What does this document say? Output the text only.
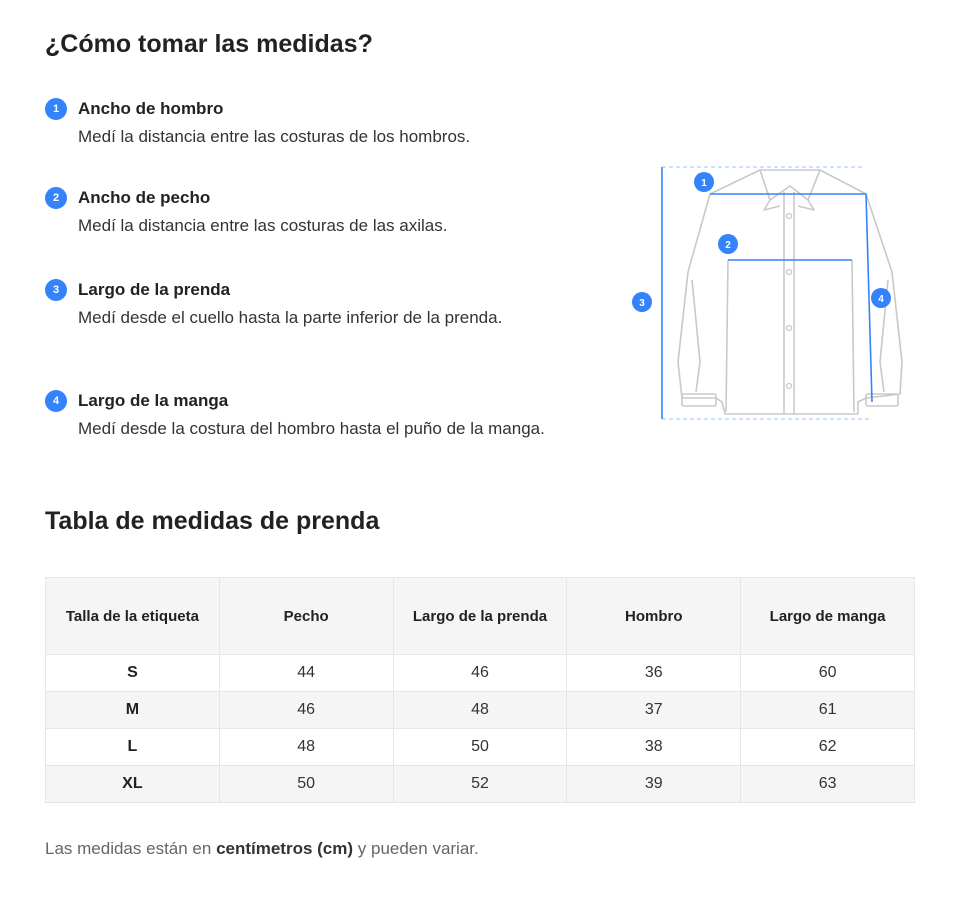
¿Cómo tomar las medidas?
1	Ancho de hombro
Medí la distancia entre las costuras de los hombros.
2	Ancho de pecho
Medí la distancia entre las costuras de las axilas.
3	Largo de la prenda
Medí desde el cuello hasta la parte inferior de la prenda.
4	Largo de la manga
Medí desde la costura del hombro hasta el puño de la manga.
1
2
3	4
Tabla de medidas de prenda
Talla de la etiqueta	Pecho	Largo de la prenda	Hombro	Largo de manga
S	44	46	36	60
M	46	48	37	61
L	48	50	38	62
XL	50	52	39	63

Las medidas están en centímetros (cm) y pueden variar.
